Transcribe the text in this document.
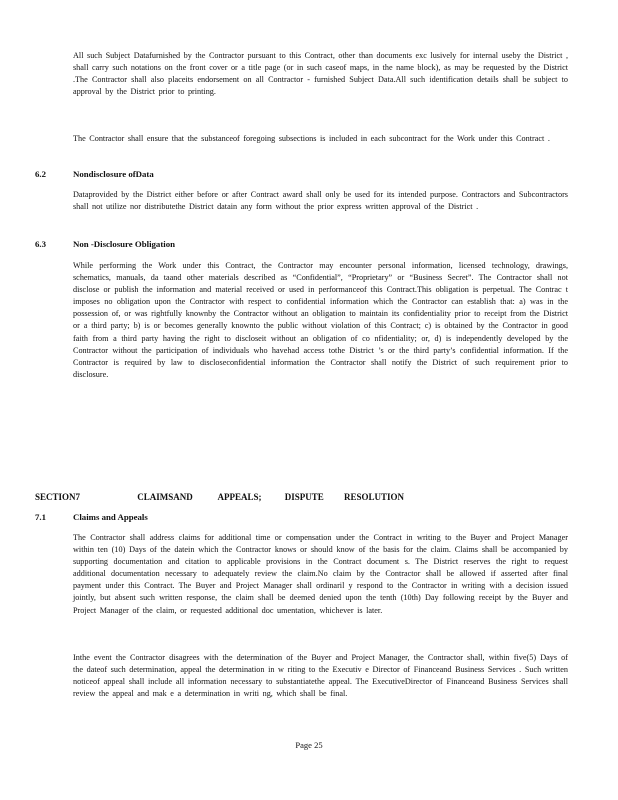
All such Subject Datafurnished by the Contractor pursuant to this Contract, other than documents exc lusively for internal useby the District , shall carry such notations on the front cover or a title page (or in such caseof maps, in the name block), as may be requested by the District .The Contractor shall also placeits endorsement on all Contractor - furnished Subject Data.All such identification details shall be subject to approval by the District prior to printing.

The Contractor shall ensure that the substanceof foregoing subsections is included in each subcontract for the Work under this Contract .

6.2	Nondisclosure ofData

Dataprovided by the District either before or after Contract award shall only be used for its intended purpose. Contractors and Subcontractors shall not utilize nor distributethe District datain any form without the prior express written approval of the District .

6.3	Non -Disclosure Obligation

While performing the Work under this Contract, the Contractor may encounter personal information, licensed technology, drawings, schematics, manuals, da taand other materials described as “Confidential”, “Proprietary” or “Business Secret”. The Contractor shall not disclose or publish the information and material received or used in performanceof this Contract.This obligation is perpetual. The Contrac t imposes no obligation upon the Contractor with respect to confidential information which the Contractor can establish that: a) was in the possession of, or was rightfully knownby the Contractor without an obligation to maintain its confidentiality prior to receipt from the District or a third party; b) is or becomes generally knownto the public without violation of this Contract; c) is obtained by the Contractor in good faith from a third party having the right to discloseit without an obligation of co nfidentiality; or, d) is independently developed by the Contractor without the participation of individuals who havehad access tothe District ’s or the third party’s confidential information. If the Contractor is required by law to discloseconfidential information the Contractor shall notify the District of such requirement prior to disclosure.

SECTION7	CLAIMSAND	APPEALS;	DISPUTE RESOLUTION
7.1	Claims and Appeals

The Contractor shall address claims for additional time or compensation under the Contract in writing to the Buyer and Project Manager within ten (10) Days of the datein which the Contractor knows or should know of the basis for the claim. Claims shall be accompanied by supporting documentation and citation to applicable provisions in the Contract document s. The District reserves the right to request additional documentation necessary to adequately review the claim.No claim by the Contractor shall be allowed if asserted after final payment under this Contract. The Buyer and Project Manager shall ordinaril y respond to the Contractor in writing with a decision issued jointly, but absent such written response, the claim shall be deemed denied upon the tenth (10th) Day following receipt by the Buyer and Project Manager of the claim, or requested additional doc umentation, whichever is later.

Inthe event the Contractor disagrees with the determination of the Buyer and Project Manager, the Contractor shall, within five(5) Days of the dateof such determination, appeal the determination in w riting to the Executiv e Director of Financeand Business Services . Such written noticeof appeal shall include all information necessary to substantiatethe appeal. The ExecutiveDirector of Financeand Business Services shall review the appeal and mak e a determination in writi ng, which shall be final.

Page 25
